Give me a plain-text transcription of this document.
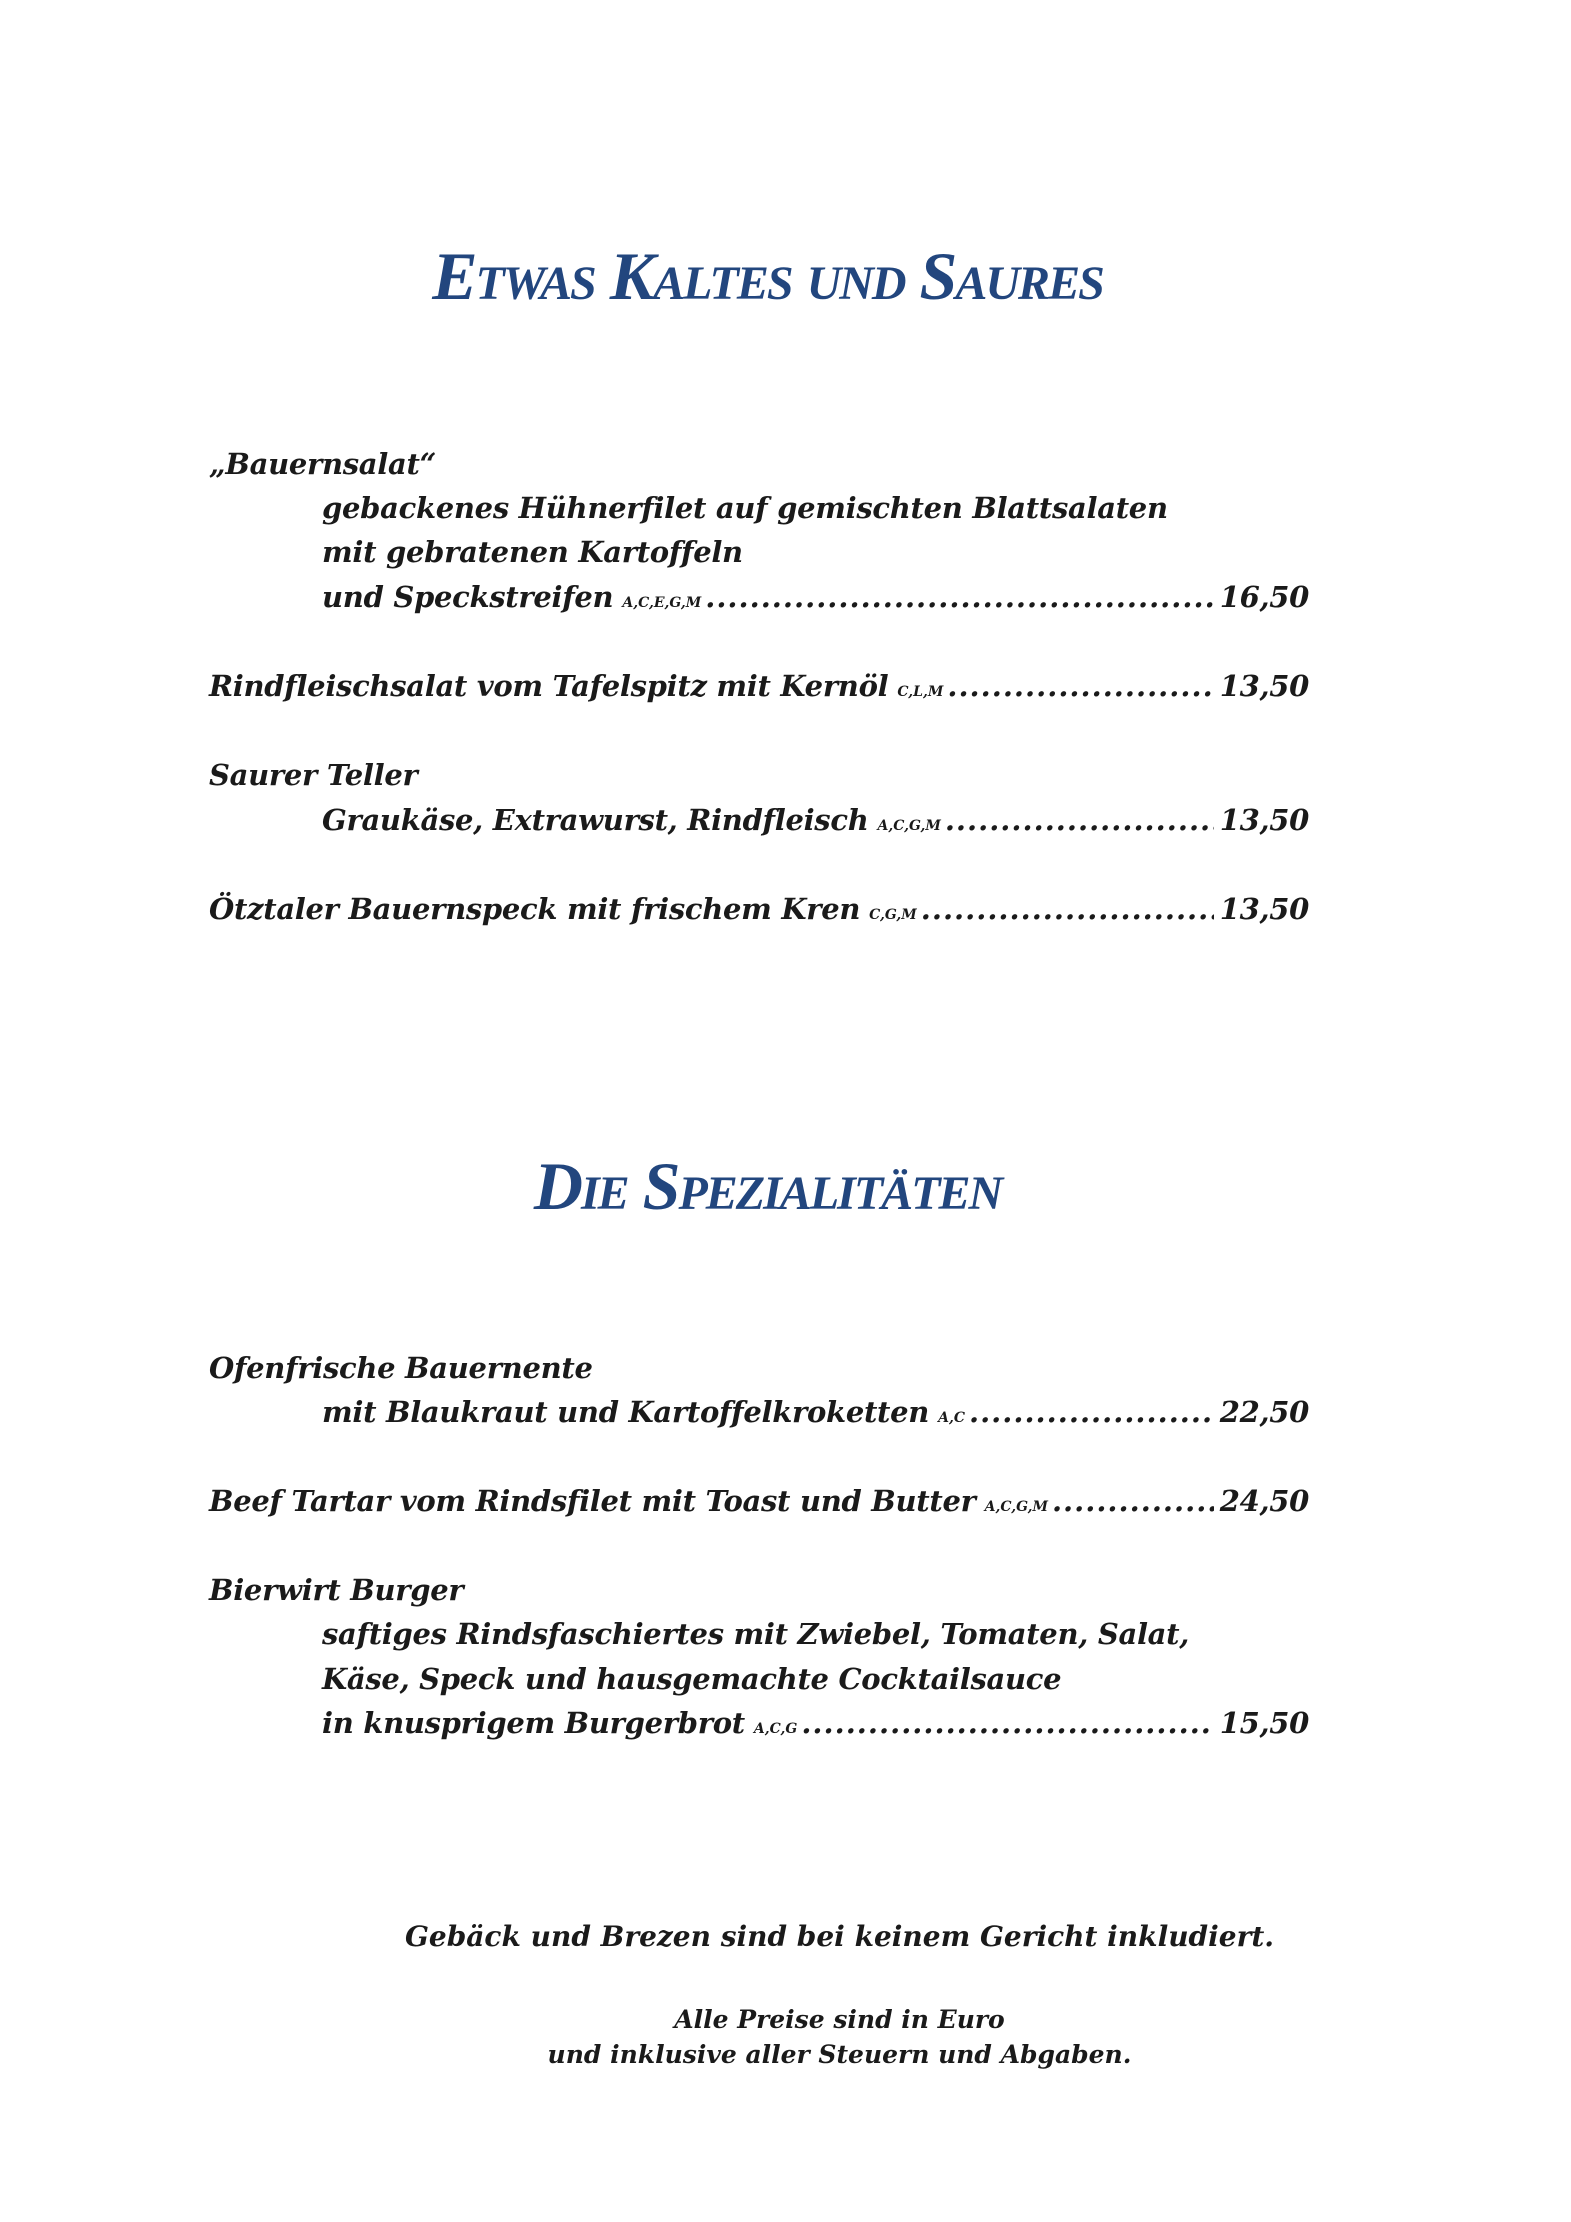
Etwas Kaltes und Saures
„Bauernsalat“
gebackenes Hühnerfilet auf gemischten Blattsalaten
mit gebratenen Kartoffeln
und Speckstreifen A,C,E,G,M .....	16,50
Rindfleischsalat vom Tafelspitz mit Kernöl C,L,M .....	13,50
Saurer Teller
Graukäse, Extrawurst, Rindfleisch A,C,G,M .....	13,50
Ötztaler Bauernspeck mit frischem Kren C,G,M .....	13,50
Die Spezialitäten
Ofenfrische Bauernente
mit Blaukraut und Kartoffelkroketten A,C .....	22,50
Beef Tartar vom Rindsfilet mit Toast und Butter A,C,G,M .....	24,50
Bierwirt Burger
saftiges Rindsfaschiertes mit Zwiebel, Tomaten, Salat,
Käse, Speck und hausgemachte Cocktailsauce
in knusprigem Burgerbrot A,C,G .....	15,50

Gebäck und Brezen sind bei keinem Gericht inkludiert.

Alle Preise sind in Euro

und inklusive aller Steuern und Abgaben.
